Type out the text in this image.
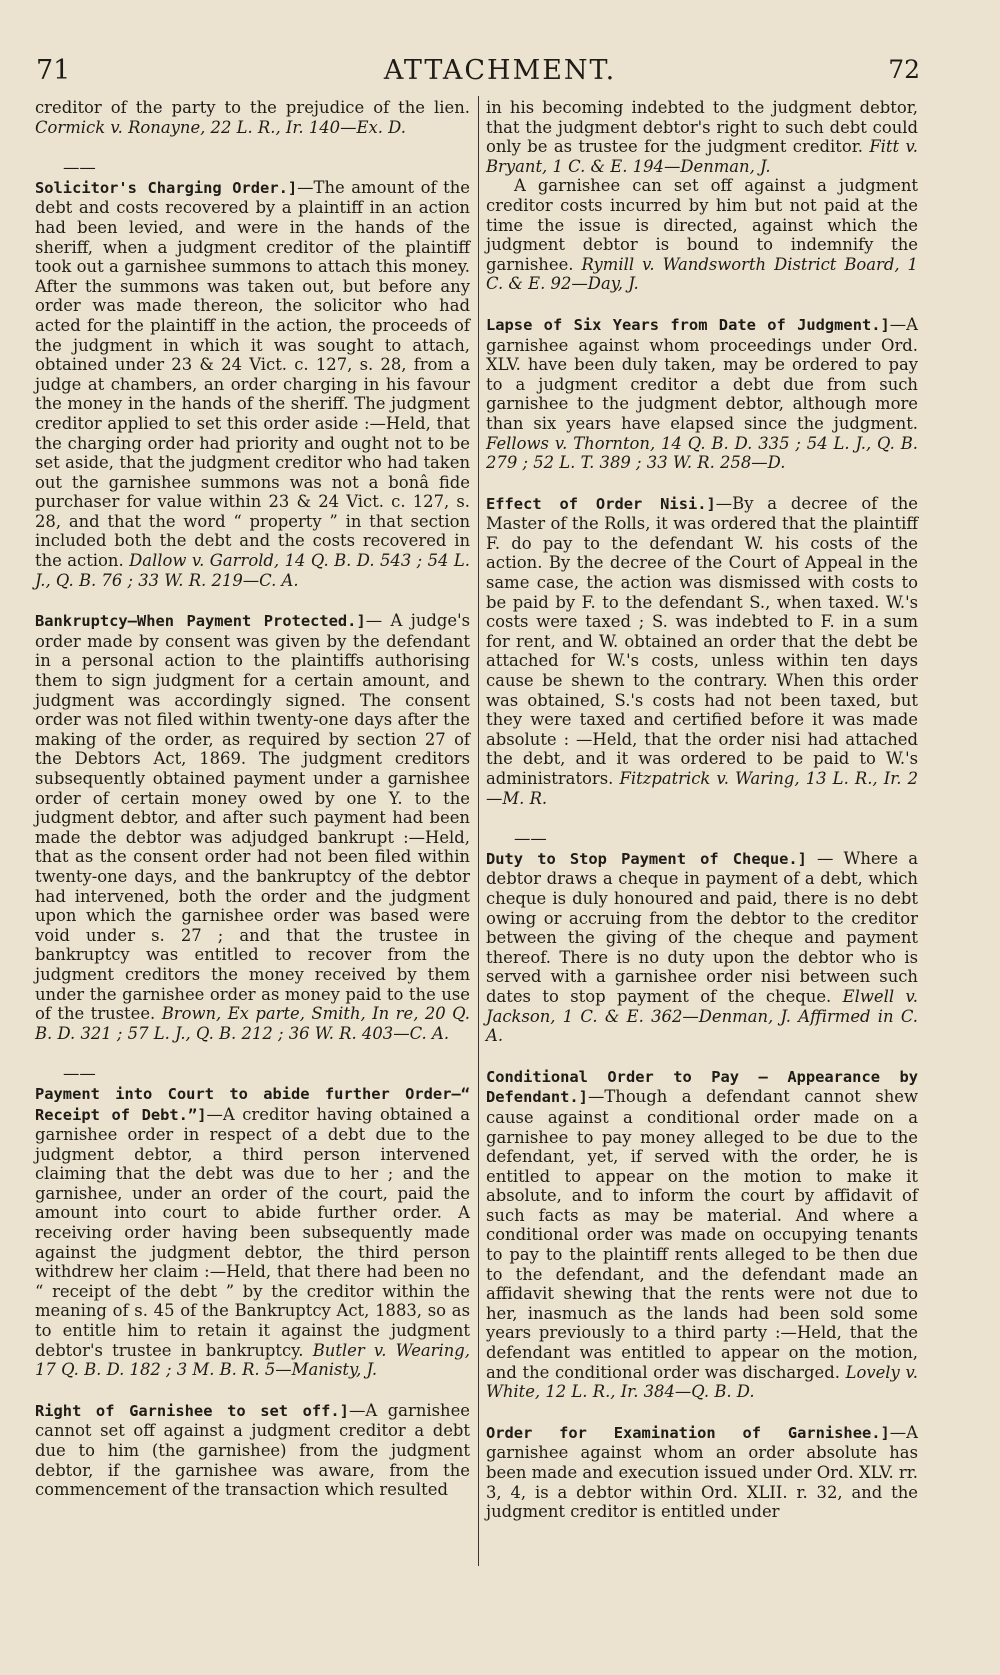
71	ATTACHMENT.	72

creditor of the party to the prejudice of the lien. Cormick v. Ronayne, 22 L. R., Ir. 140—Ex. D.

——

Solicitor's Charging Order.]—The amount of the debt and costs recovered by a plaintiff in an action had been levied, and were in the hands of the sheriff, when a judgment creditor of the plaintiff took out a garnishee summons to attach this money. After the summons was taken out, but before any order was made thereon, the solicitor who had acted for the plaintiff in the action, the proceeds of the judgment in which it was sought to attach, obtained under 23 & 24 Vict. c. 127, s. 28, from a judge at chambers, an order charging in his favour the money in the hands of the sheriff. The judgment creditor applied to set this order aside :—Held, that the charging order had priority and ought not to be set aside, that the judgment creditor who had taken out the garnishee summons was not a bonâ fide purchaser for value within 23 & 24 Vict. c. 127, s. 28, and that the word “ property ” in that section included both the debt and the costs recovered in the action. Dallow v. Garrold, 14 Q. B. D. 543 ; 54 L. J., Q. B. 76 ; 33 W. R. 219—C. A.

Bankruptcy—When Payment Protected.]— A judge's order made by consent was given by the defendant in a personal action to the plaintiffs authorising them to sign judgment for a certain amount, and judgment was accordingly signed. The consent order was not filed within twenty-one days after the making of the order, as required by section 27 of the Debtors Act, 1869. The judgment creditors subsequently obtained payment under a garnishee order of certain money owed by one Y. to the judgment debtor, and after such payment had been made the debtor was adjudged bankrupt :—Held, that as the consent order had not been filed within twenty-one days, and the bankruptcy of the debtor had intervened, both the order and the judgment upon which the garnishee order was based were void under s. 27 ; and that the trustee in bankruptcy was entitled to recover from the judgment creditors the money received by them under the garnishee order as money paid to the use of the trustee. Brown, Ex parte, Smith, In re, 20 Q. B. D. 321 ; 57 L. J., Q. B. 212 ; 36 W. R. 403—C. A.

——

Payment into Court to abide further Order—“ Receipt of Debt.”]—A creditor having obtained a garnishee order in respect of a debt due to the judgment debtor, a third person intervened claiming that the debt was due to her ; and the garnishee, under an order of the court, paid the amount into court to abide further order. A receiving order having been subsequently made against the judgment debtor, the third person withdrew her claim :—Held, that there had been no “ receipt of the debt ” by the creditor within the meaning of s. 45 of the Bankruptcy Act, 1883, so as to entitle him to retain it against the judgment debtor's trustee in bankruptcy. Butler v. Wearing, 17 Q. B. D. 182 ; 3 M. B. R. 5—Manisty, J.

Right of Garnishee to set off.]—A garnishee cannot set off against a judgment creditor a debt due to him (the garnishee) from the judgment debtor, if the garnishee was aware, from the commencement of the transaction which resulted

in his becoming indebted to the judgment debtor, that the judgment debtor's right to such debt could only be as trustee for the judgment creditor. Fitt v. Bryant, 1 C. & E. 194—Denman, J.

A garnishee can set off against a judgment creditor costs incurred by him but not paid at the time the issue is directed, against which the judgment debtor is bound to indemnify the garnishee. Rymill v. Wandsworth District Board, 1 C. & E. 92—Day, J.

Lapse of Six Years from Date of Judgment.]—A garnishee against whom proceedings under Ord. XLV. have been duly taken, may be ordered to pay to a judgment creditor a debt due from such garnishee to the judgment debtor, although more than six years have elapsed since the judgment. Fellows v. Thornton, 14 Q. B. D. 335 ; 54 L. J., Q. B. 279 ; 52 L. T. 389 ; 33 W. R. 258—D.

Effect of Order Nisi.]—By a decree of the Master of the Rolls, it was ordered that the plaintiff F. do pay to the defendant W. his costs of the action. By the decree of the Court of Appeal in the same case, the action was dismissed with costs to be paid by F. to the defendant S., when taxed. W.'s costs were taxed ; S. was indebted to F. in a sum for rent, and W. obtained an order that the debt be attached for W.'s costs, unless within ten days cause be shewn to the contrary. When this order was obtained, S.'s costs had not been taxed, but they were taxed and certified before it was made absolute : —Held, that the order nisi had attached the debt, and it was ordered to be paid to W.'s administrators. Fitzpatrick v. Waring, 13 L. R., Ir. 2—M. R.

——

Duty to Stop Payment of Cheque.] — Where a debtor draws a cheque in payment of a debt, which cheque is duly honoured and paid, there is no debt owing or accruing from the debtor to the creditor between the giving of the cheque and payment thereof. There is no duty upon the debtor who is served with a garnishee order nisi between such dates to stop payment of the cheque. Elwell v. Jackson, 1 C. & E. 362—Denman, J. Affirmed in C. A.

Conditional Order to Pay — Appearance by Defendant.]—Though a defendant cannot shew cause against a conditional order made on a garnishee to pay money alleged to be due to the defendant, yet, if served with the order, he is entitled to appear on the motion to make it absolute, and to inform the court by affidavit of such facts as may be material. And where a conditional order was made on occupying tenants to pay to the plaintiff rents alleged to be then due to the defendant, and the defendant made an affidavit shewing that the rents were not due to her, inasmuch as the lands had been sold some years previously to a third party :—Held, that the defendant was entitled to appear on the motion, and the conditional order was discharged. Lovely v. White, 12 L. R., Ir. 384—Q. B. D.

Order for Examination of Garnishee.]—A garnishee against whom an order absolute has been made and execution issued under Ord. XLV. rr. 3, 4, is a debtor within Ord. XLII. r. 32, and the judgment creditor is entitled under
